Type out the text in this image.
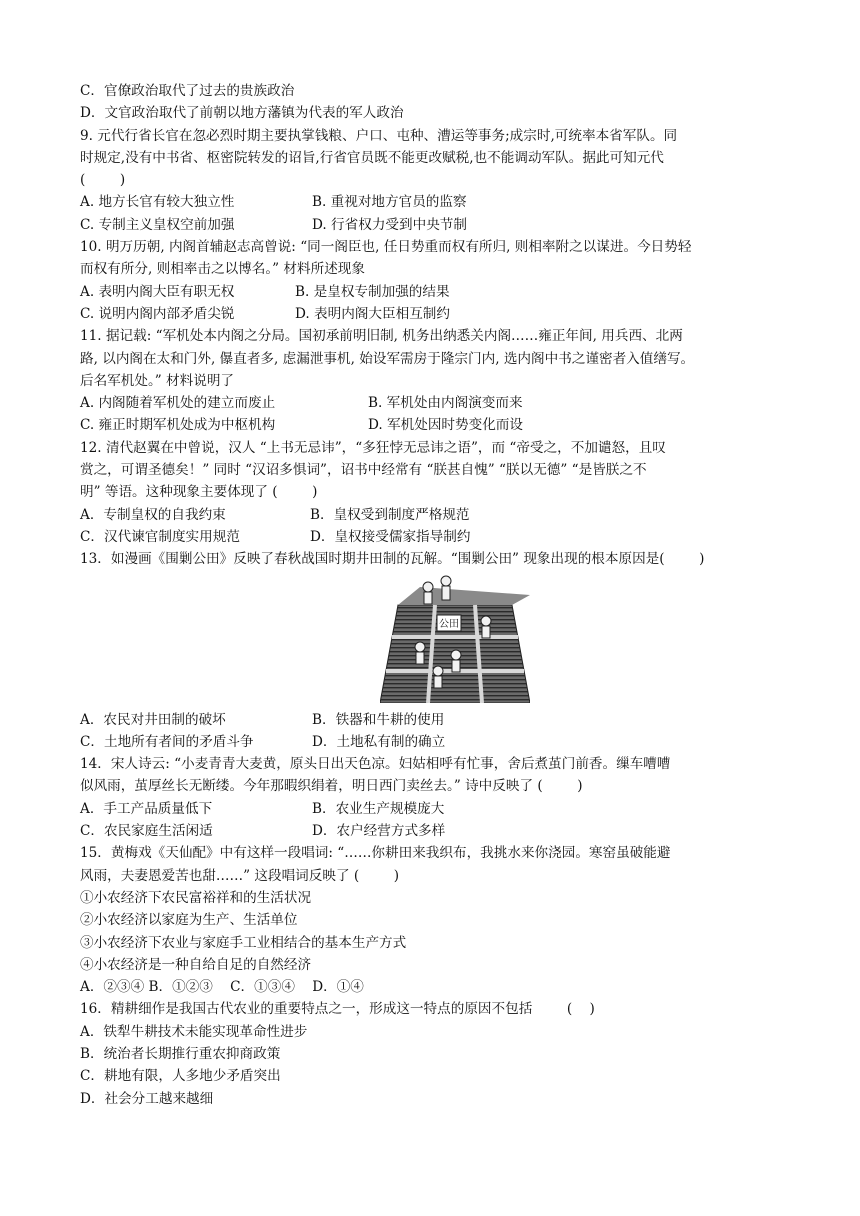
C．官僚政治取代了过去的贵族政治
D．文官政治取代了前朝以地方藩镇为代表的军人政治
9. 元代行省长官在忽必烈时期主要执掌钱粮、户口、屯种、漕运等事务;成宗时,可统率本省军队。同
时规定,没有中书省、枢密院转发的诏旨,行省官员既不能更改赋税,也不能调动军队。据此可知元代
(        )
A. 地方长官有较大独立性	B. 重视对地方官员的监察
C. 专制主义皇权空前加强	D. 行省权力受到中央节制
10. 明万历朝, 内阁首辅赵志高曾说: “同一阁臣也, 任日势重而权有所归, 则相率附之以谋进。今日势轻
而权有所分, 则相率击之以博名。” 材料所述现象
A. 表明内阁大臣有职无权	B. 是皇权专制加强的结果
C. 说明内阁内部矛盾尖锐	D. 表明内阁大臣相互制约
11. 据记载: “军机处本内阁之分局。国初承前明旧制, 机务出纳悉关内阁……雍正年间, 用兵西、北两
路, 以内阁在太和门外, 儤直者多, 虑漏泄事机, 始设军需房于隆宗门内, 选内阁中书之谨密者入值缮写。
后名军机处。” 材料说明了
A. 内阁随着军机处的建立而废止	B. 军机处由内阁演变而来
C. 雍正时期军机处成为中枢机构	D. 军机处因时势变化而设
12. 清代赵翼在中曾说，汉人 “上书无忌讳”，“多狂悖无忌讳之语”，而 “帝受之，不加谴怒，且叹
赏之，可谓圣德矣！” 同时 “汉诏多惧词”，诏书中经常有 “朕甚自愧” “朕以无德” “是皆朕之不
明” 等语。这种现象主要体现了 (        )
A．专制皇权的自我约束	B．皇权受到制度严格规范
C．汉代谏官制度实用规范	D．皇权接受儒家指导制约
13．如漫画《围剿公田》反映了春秋战国时期井田制的瓦解。“围剿公田” 现象出现的根本原因是(        )
公田
A．农民对井田制的破坏	B．铁器和牛耕的使用
C．土地所有者间的矛盾斗争	D．土地私有制的确立
14．宋人诗云: “小麦青青大麦黄，原头日出天色凉。妇姑相呼有忙事，舍后煮茧门前香。缫车嘈嘈
似风雨，茧厚丝长无断缕。今年那暇织绢着，明日西门卖丝去。” 诗中反映了 (        )
A．手工产品质量低下	B．农业生产规模庞大
C．农民家庭生活闲适	D．农户经营方式多样
15．黄梅戏《天仙配》中有这样一段唱词: “……你耕田来我织布，我挑水来你浇园。寒窑虽破能避
风雨，夫妻恩爱苦也甜……” 这段唱词反映了 (        )
①小农经济下农民富裕祥和的生活状况
②小农经济以家庭为生产、生活单位
③小农经济下农业与家庭手工业相结合的基本生产方式
④小农经济是一种自给自足的自然经济
A．②③④ B．①②③    C．①③④    D．①④
16．精耕细作是我国古代农业的重要特点之一，形成这一特点的原因不包括        (    )
A．铁犁牛耕技术未能实现革命性进步
B．统治者长期推行重农抑商政策
C．耕地有限，人多地少矛盾突出
D．社会分工越来越细
